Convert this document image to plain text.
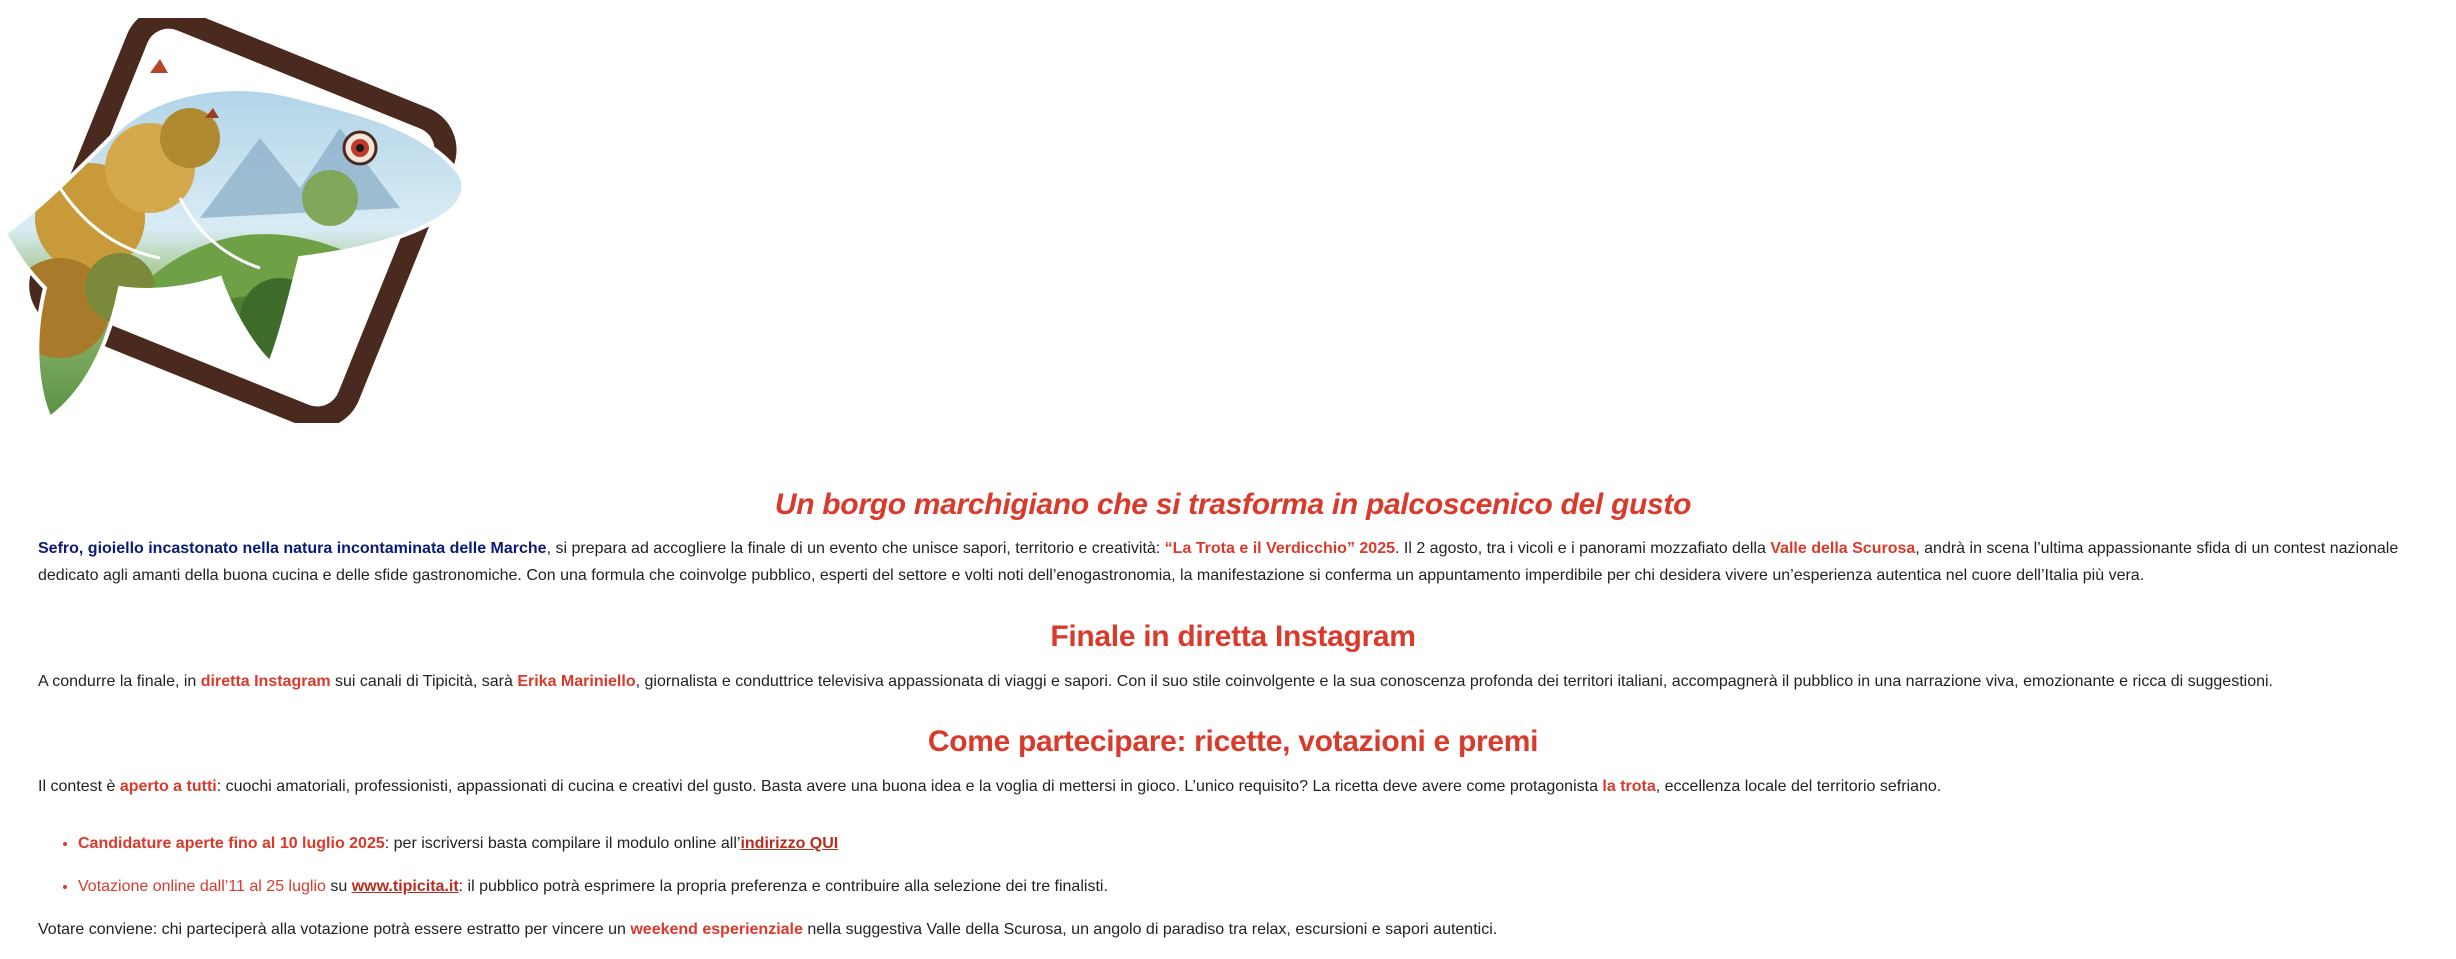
Un borgo marchigiano che si trasforma in palcoscenico del gusto

Sefro, gioiello incastonato nella natura incontaminata delle Marche, si prepara ad accogliere la finale di un evento che unisce sapori, territorio e creatività: “La Trota e il Verdicchio” 2025. Il 2 agosto, tra i vicoli e i panorami mozzafiato della Valle della Scurosa, andrà in scena l’ultima appassionante sfida di un contest nazionale dedicato agli amanti della buona cucina e delle sfide gastronomiche. Con una formula che coinvolge pubblico, esperti del settore e volti noti dell’enogastronomia, la manifestazione si conferma un appuntamento imperdibile per chi desidera vivere un’esperienza autentica nel cuore dell’Italia più vera.

Finale in diretta Instagram

A condurre la finale, in diretta Instagram sui canali di Tipicità, sarà Erika Mariniello, giornalista e conduttrice televisiva appassionata di viaggi e sapori. Con il suo stile coinvolgente e la sua conoscenza profonda dei territori italiani, accompagnerà il pubblico in una narrazione viva, emozionante e ricca di suggestioni.

Come partecipare: ricette, votazioni e premi

Il contest è aperto a tutti: cuochi amatoriali, professionisti, appassionati di cucina e creativi del gusto. Basta avere una buona idea e la voglia di mettersi in gioco. L’unico requisito? La ricetta deve avere come protagonista la trota, eccellenza locale del territorio sefriano.

• Candidature aperte fino al 10 luglio 2025: per iscriversi basta compilare il modulo online all’indirizzo QUI
• Votazione online dall’11 al 25 luglio su www.tipicita.it: il pubblico potrà esprimere la propria preferenza e contribuire alla selezione dei tre finalisti.

Votare conviene: chi parteciperà alla votazione potrà essere estratto per vincere un weekend esperienziale nella suggestiva Valle della Scurosa, un angolo di paradiso tra relax, escursioni e sapori autentici.
